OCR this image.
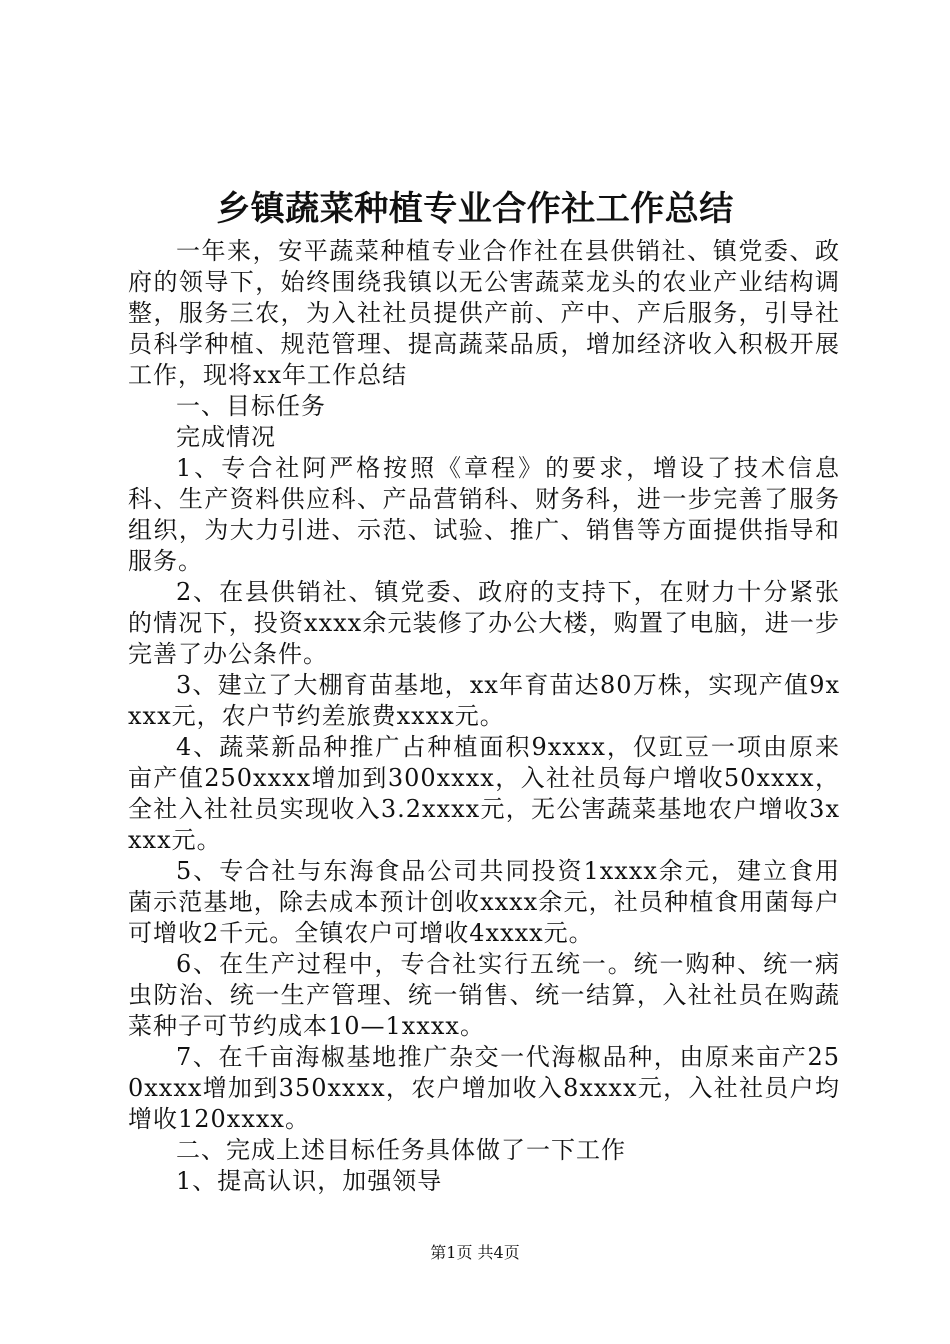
乡镇蔬菜种植专业合作社工作总结

一年来，安平蔬菜种植专业合作社在县供销社、镇党委、政府的领导下，始终围绕我镇以无公害蔬菜龙头的农业产业结构调整，服务三农，为入社社员提供产前、产中、产后服务，引导社员科学种植、规范管理、提高蔬菜品质，增加经济收入积极开展工作，现将xx年工作总结

一、目标任务

完成情况

1、专合社阿严格按照《章程》的要求，增设了技术信息科、生产资料供应科、产品营销科、财务科，进一步完善了服务组织，为大力引进、示范、试验、推广、销售等方面提供指导和服务。

2、在县供销社、镇党委、政府的支持下，在财力十分紧张的情况下，投资xxxx余元装修了办公大楼，购置了电脑，进一步完善了办公条件。

3、建立了大棚育苗基地，xx年育苗达80万株，实现产值9xxxx元，农户节约差旅费xxxx元。

4、蔬菜新品种推广占种植面积9xxxx，仅豇豆一项由原来亩产值250xxxx增加到300xxxx，入社社员每户增收50xxxx，全社入社社员实现收入3.2xxxx元，无公害蔬菜基地农户增收3xxxx元。

5、专合社与东海食品公司共同投资1xxxx余元，建立食用菌示范基地，除去成本预计创收xxxx余元，社员种植食用菌每户可增收2千元。全镇农户可增收4xxxx元。

6、在生产过程中，专合社实行五统一。统一购种、统一病虫防治、统一生产管理、统一销售、统一结算，入社社员在购蔬菜种子可节约成本10—1xxxx。

7、在千亩海椒基地推广杂交一代海椒品种，由原来亩产250xxxx增加到350xxxx，农户增加收入8xxxx元，入社社员户均增收120xxxx。

二、完成上述目标任务具体做了一下工作

1、提高认识，加强领导

第1页 共4页
